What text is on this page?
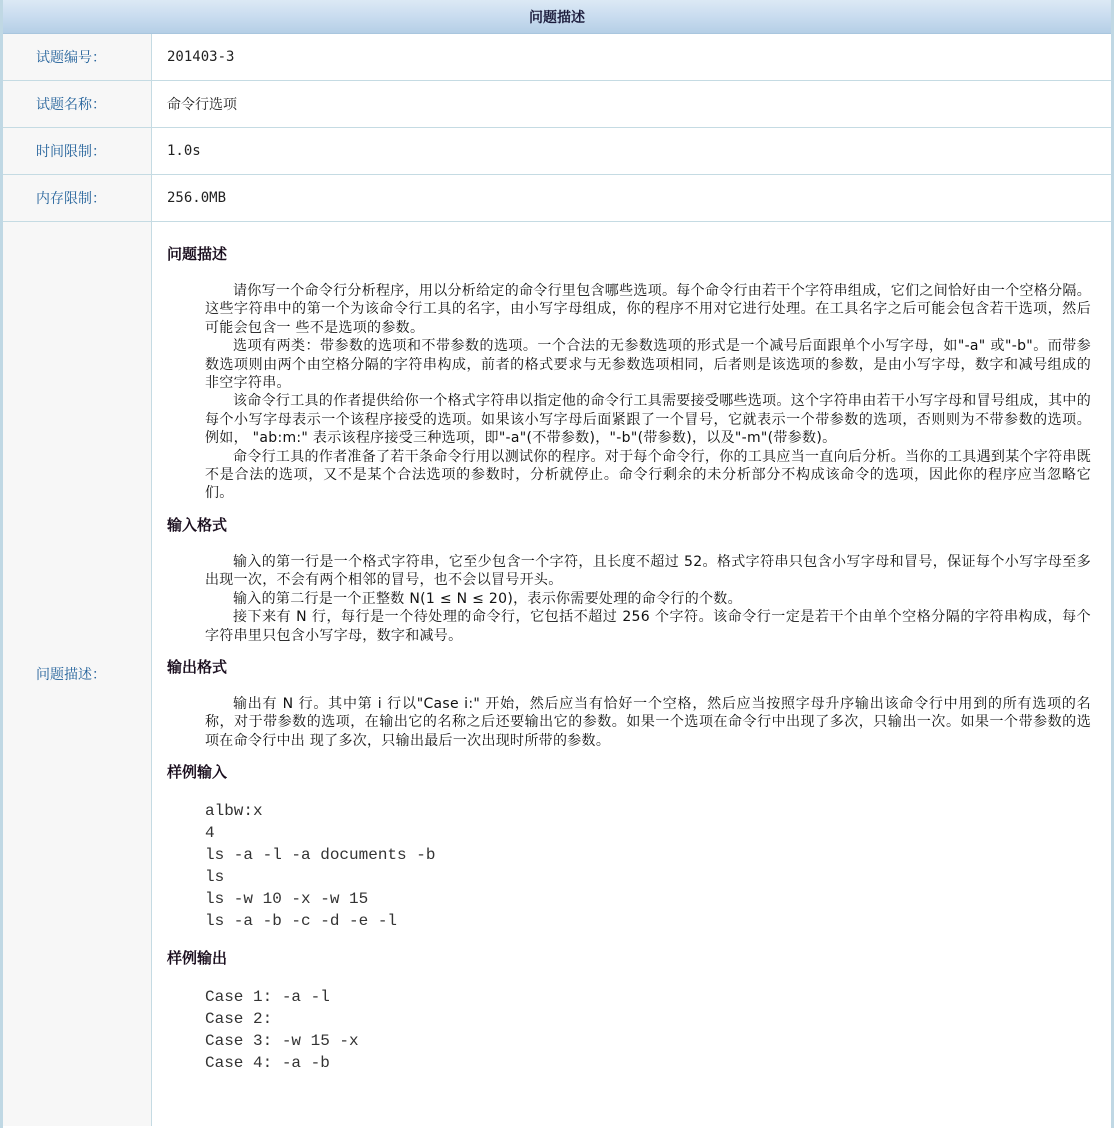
问题描述
试题编号：	201403-3
试题名称：	命令行选项
时间限制：	1.0s
内存限制：	256.0MB
问题描述：
问题描述

请你写一个命令行分析程序，用以分析给定的命令行里包含哪些选项。每个命令行由若干个字符串组成，它们之间恰好由一个空格分隔。这些字符串中的第一个为该命令行工具的名字，由小写字母组成，你的程序不用对它进行处理。在工具名字之后可能会包含若干选项，然后可能会包含一 些不是选项的参数。

选项有两类：带参数的选项和不带参数的选项。一个合法的无参数选项的形式是一个减号后面跟单个小写字母，如"-a" 或"-b"。而带参数选项则由两个由空格分隔的字符串构成，前者的格式要求与无参数选项相同，后者则是该选项的参数，是由小写字母，数字和减号组成的非空字符串。

该命令行工具的作者提供给你一个格式字符串以指定他的命令行工具需要接受哪些选项。这个字符串由若干小写字母和冒号组成，其中的每个小写字母表示一个该程序接受的选项。如果该小写字母后面紧跟了一个冒号，它就表示一个带参数的选项，否则则为不带参数的选项。例如， "ab:m:" 表示该程序接受三种选项，即"-a"(不带参数)，"-b"(带参数)，以及"-m"(带参数)。

命令行工具的作者准备了若干条命令行用以测试你的程序。对于每个命令行，你的工具应当一直向后分析。当你的工具遇到某个字符串既不是合法的选项，又不是某个合法选项的参数时，分析就停止。命令行剩余的未分析部分不构成该命令的选项，因此你的程序应当忽略它们。

输入格式

输入的第一行是一个格式字符串，它至少包含一个字符，且长度不超过 52。格式字符串只包含小写字母和冒号，保证每个小写字母至多出现一次，不会有两个相邻的冒号，也不会以冒号开头。

输入的第二行是一个正整数 N(1 ≤ N ≤ 20)，表示你需要处理的命令行的个数。

接下来有 N 行，每行是一个待处理的命令行，它包括不超过 256 个字符。该命令行一定是若干个由单个空格分隔的字符串构成，每个字符串里只包含小写字母，数字和减号。

输出格式

输出有 N 行。其中第 i 行以"Case i:" 开始，然后应当有恰好一个空格，然后应当按照字母升序输出该命令行中用到的所有选项的名称，对于带参数的选项，在输出它的名称之后还要输出它的参数。如果一个选项在命令行中出现了多次，只输出一次。如果一个带参数的选项在命令行中出 现了多次，只输出最后一次出现时所带的参数。

样例输入
albw:x
4
ls -a -l -a documents -b
ls
ls -w 10 -x -w 15
ls -a -b -c -d -e -l
样例输出
Case 1: -a -l
Case 2:
Case 3: -w 15 -x
Case 4: -a -b
